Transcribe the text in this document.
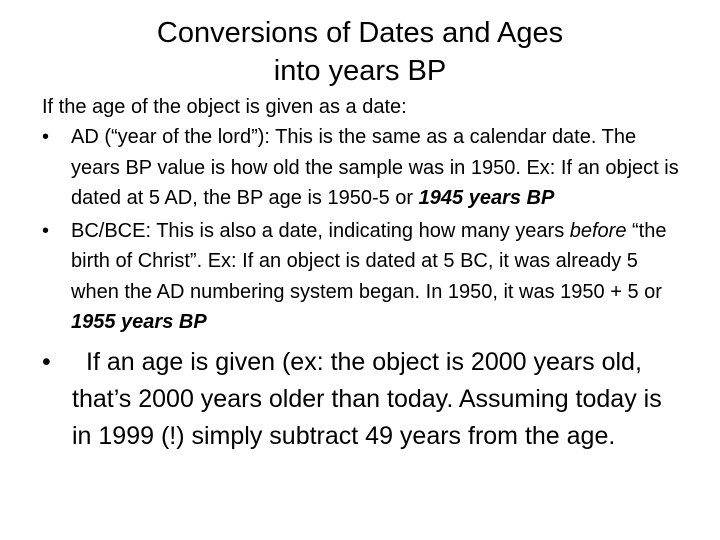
Conversions of Dates and Ages
into years BP

If the age of the object is given as a date:

• AD (“year of the lord”): This is the same as a calendar date. The years BP value is how old the sample was in 1950. Ex: If an object is dated at 5 AD, the BP age is 1950-5 or 1945 years BP
• BC/BCE: This is also a date, indicating how many years before “the birth of Christ”. Ex: If an object is dated at 5 BC, it was already 5 when the AD numbering system began. In 1950, it was 1950 + 5 or 1955 years BP
• If an age is given (ex: the object is 2000 years old, that’s 2000 years older than today. Assuming today is in 1999 (!) simply subtract 49 years from the age.
